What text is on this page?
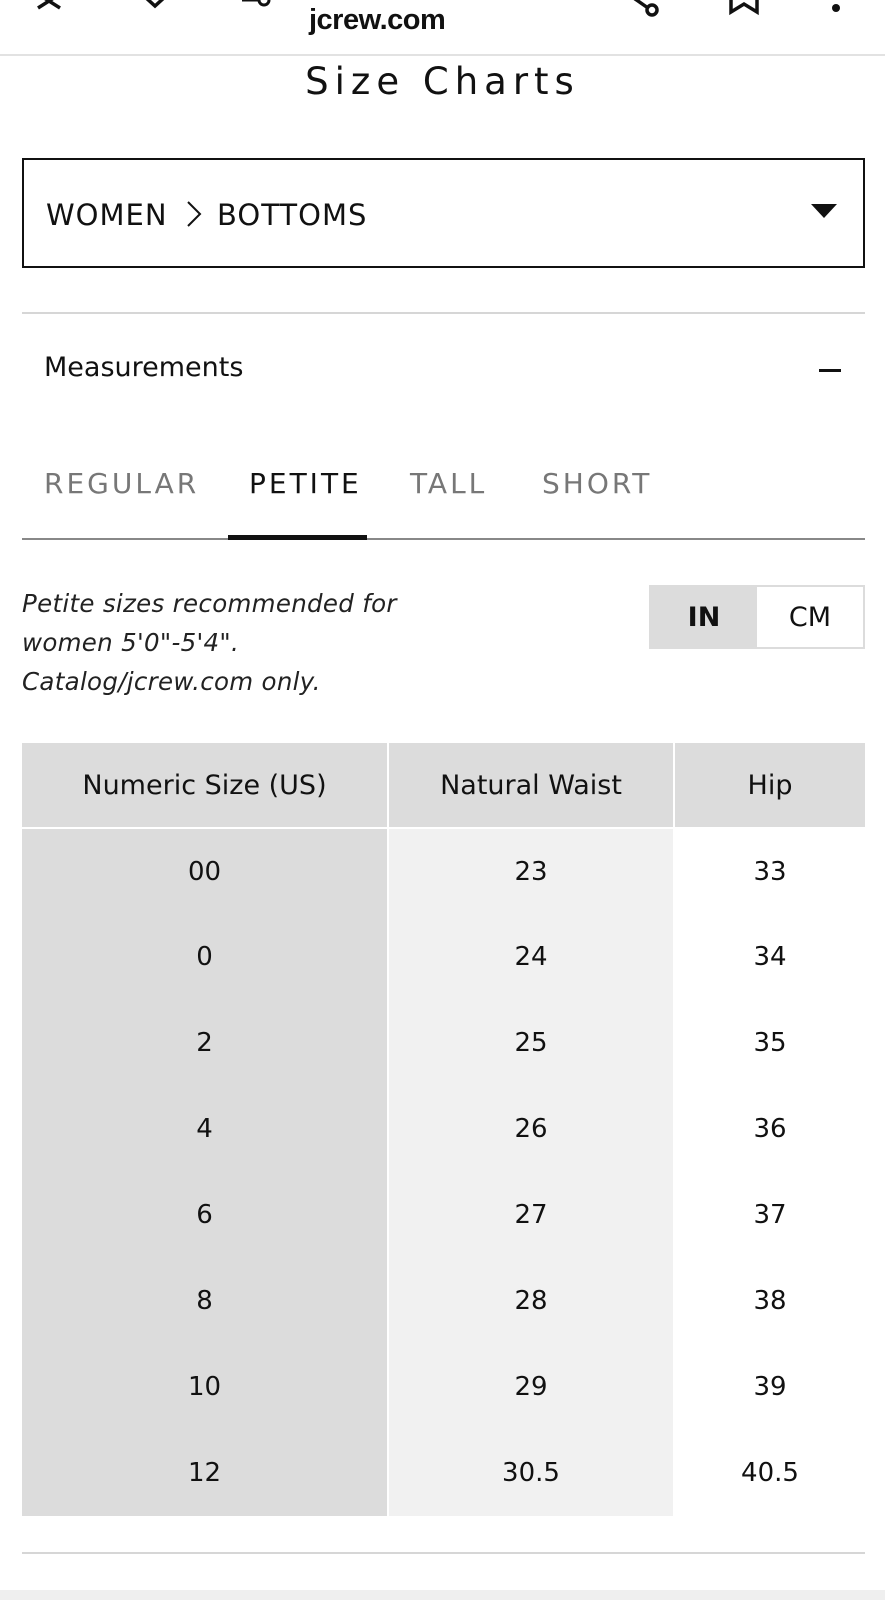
jcrew.com
Size Charts
WOMEN BOTTOMS
Measurements
REGULAR PETITE TALL SHORT
Petite sizes recommended for
women 5'0"-5'4".
Catalog/jcrew.com only.
IN	CM
Numeric Size (US)	Natural Waist	Hip
00	23	33
0	24	34
2	25	35
4	26	36
6	27	37
8	28	38
10	29	39
12	30.5	40.5
